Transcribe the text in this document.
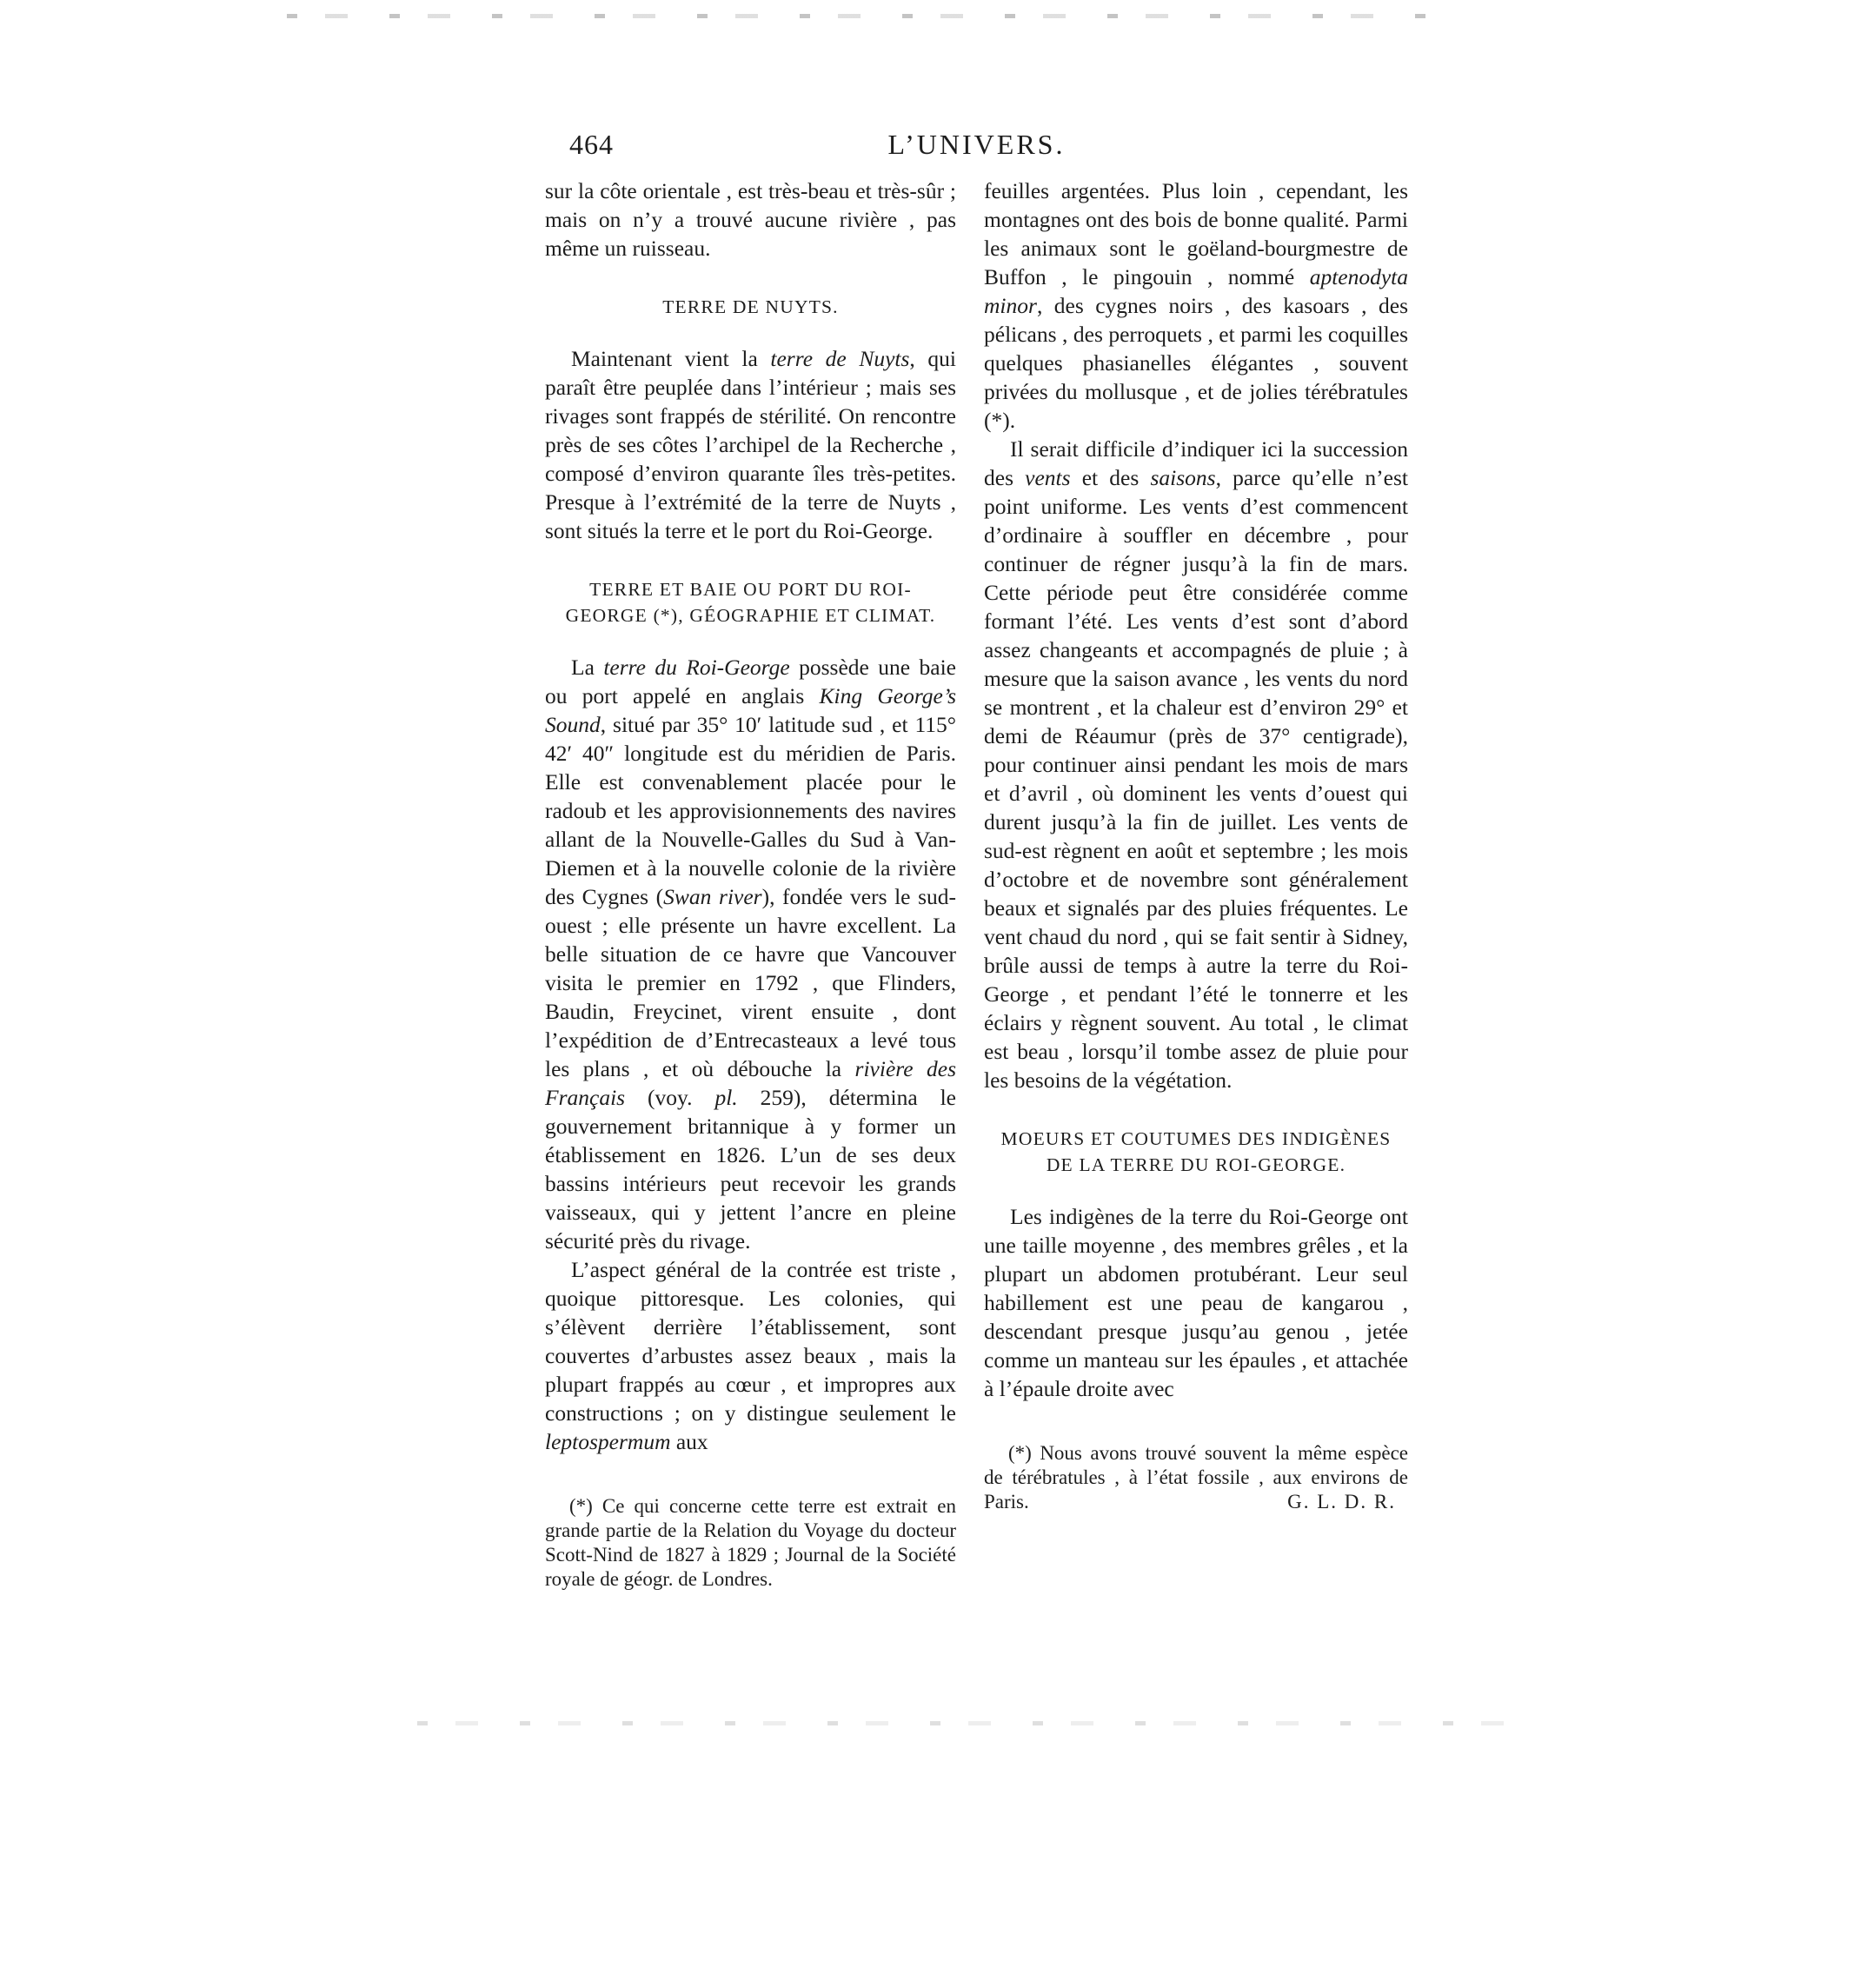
464	L’UNIVERS.

sur la côte orientale , est très-beau et très-sûr ; mais on n’y a trouvé aucune rivière , pas même un ruisseau.

TERRE DE NUYTS.

Maintenant vient la terre de Nuyts, qui paraît être peuplée dans l’intérieur ; mais ses rivages sont frappés de stérilité. On rencontre près de ses côtes l’archipel de la Recherche , composé d’environ quarante îles très-petites. Presque à l’extrémité de la terre de Nuyts , sont situés la terre et le port du Roi-George.

TERRE ET BAIE OU PORT DU ROI-GEORGE (*), GÉOGRAPHIE ET CLIMAT.

La terre du Roi-George possède une baie ou port appelé en anglais King George’s Sound, situé par 35° 10′ latitude sud , et 115° 42′ 40″ longitude est du méridien de Paris. Elle est convenablement placée pour le radoub et les approvisionnements des navires allant de la Nouvelle-Galles du Sud à Van-Diemen et à la nouvelle colonie de la rivière des Cygnes (Swan river), fondée vers le sud-ouest ; elle présente un havre excellent. La belle situation de ce havre que Vancouver visita le premier en 1792 , que Flinders, Baudin, Freycinet, virent ensuite , dont l’expédition de d’Entrecasteaux a levé tous les plans , et où débouche la rivière des Français (voy. pl. 259), détermina le gouvernement britannique à y former un établissement en 1826. L’un de ses deux bassins intérieurs peut recevoir les grands vaisseaux, qui y jettent l’ancre en pleine sécurité près du rivage.

L’aspect général de la contrée est triste , quoique pittoresque. Les colonies, qui s’élèvent derrière l’établissement, sont couvertes d’arbustes assez beaux , mais la plupart frappés au cœur , et impropres aux constructions ; on y distingue seulement le leptospermum aux

(*) Ce qui concerne cette terre est extrait en grande partie de la Relation du Voyage du docteur Scott-Nind de 1827 à 1829 ; Journal de la Société royale de géogr. de Londres.

feuilles argentées. Plus loin , cependant, les montagnes ont des bois de bonne qualité. Parmi les animaux sont le goëland-bourgmestre de Buffon , le pingouin , nommé aptenodyta minor, des cygnes noirs , des kasoars , des pélicans , des perroquets , et parmi les coquilles quelques phasianelles élégantes , souvent privées du mollusque , et de jolies térébratules (*).

Il serait difficile d’indiquer ici la succession des vents et des saisons, parce qu’elle n’est point uniforme. Les vents d’est commencent d’ordinaire à souffler en décembre , pour continuer de régner jusqu’à la fin de mars. Cette période peut être considérée comme formant l’été. Les vents d’est sont d’abord assez changeants et accompagnés de pluie ; à mesure que la saison avance , les vents du nord se montrent , et la chaleur est d’environ 29° et demi de Réaumur (près de 37° centigrade), pour continuer ainsi pendant les mois de mars et d’avril , où dominent les vents d’ouest qui durent jusqu’à la fin de juillet. Les vents de sud-est règnent en août et septembre ; les mois d’octobre et de novembre sont généralement beaux et signalés par des pluies fréquentes. Le vent chaud du nord , qui se fait sentir à Sidney, brûle aussi de temps à autre la terre du Roi-George , et pendant l’été le tonnerre et les éclairs y règnent souvent. Au total , le climat est beau , lorsqu’il tombe assez de pluie pour les besoins de la végétation.

MOEURS ET COUTUMES DES INDIGÈNES DE LA TERRE DU ROI-GEORGE.

Les indigènes de la terre du Roi-George ont une taille moyenne , des membres grêles , et la plupart un abdomen protubérant. Leur seul habillement est une peau de kangarou , descendant presque jusqu’au genou , jetée comme un manteau sur les épaules , et attachée à l’épaule droite avec

(*) Nous avons trouvé souvent la même espèce de térébratules , à l’état fossile , aux environs de Paris.	G. L. D. R.
